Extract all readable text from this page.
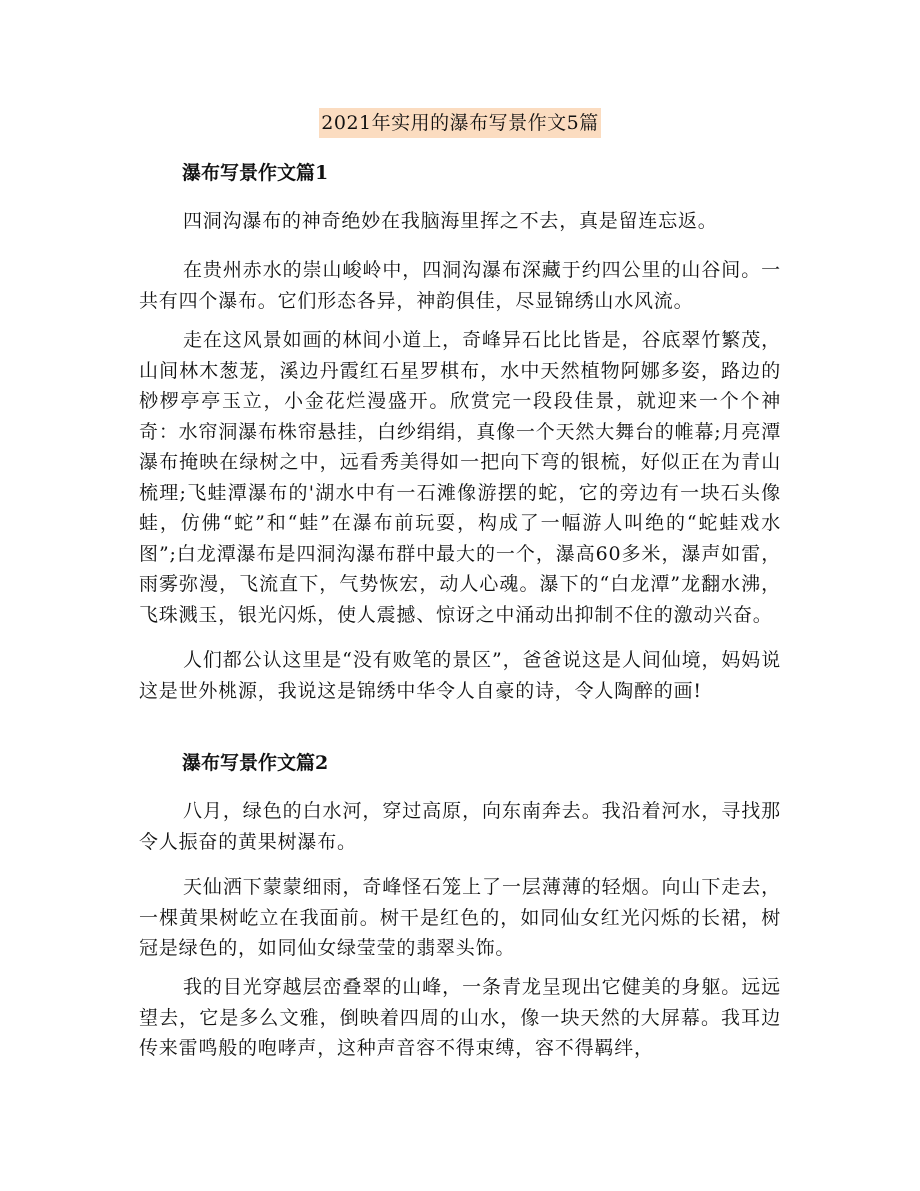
2021年实用的瀑布写景作文5篇
瀑布写景作文篇1

四洞沟瀑布的神奇绝妙在我脑海里挥之不去，真是留连忘返。

在贵州赤水的崇山峻岭中，四洞沟瀑布深藏于约四公里的山谷间。一共有四个瀑布。它们形态各异，神韵俱佳，尽显锦绣山水风流。

走在这风景如画的林间小道上，奇峰异石比比皆是，谷底翠竹繁茂，山间林木葱茏，溪边丹霞红石星罗棋布，水中天然植物阿娜多姿，路边的桫椤亭亭玉立，小金花烂漫盛开。欣赏完一段段佳景，就迎来一个个神奇：水帘洞瀑布株帘悬挂，白纱绢绢，真像一个天然大舞台的帷幕;月亮潭瀑布掩映在绿树之中，远看秀美得如一把向下弯的银梳，好似正在为青山梳理;飞蛙潭瀑布的'湖水中有一石滩像游摆的蛇，它的旁边有一块石头像蛙，仿佛“蛇”和“蛙”在瀑布前玩耍，构成了一幅游人叫绝的“蛇蛙戏水图”;白龙潭瀑布是四洞沟瀑布群中最大的一个，瀑高60多米，瀑声如雷，雨雾弥漫，飞流直下，气势恢宏，动人心魂。瀑下的“白龙潭”龙翻水沸，飞珠溅玉，银光闪烁，使人震撼、惊讶之中涌动出抑制不住的激动兴奋。

人们都公认这里是“没有败笔的景区”，爸爸说这是人间仙境，妈妈说这是世外桃源，我说这是锦绣中华令人自豪的诗，令人陶醉的画!

瀑布写景作文篇2

八月，绿色的白水河，穿过高原，向东南奔去。我沿着河水，寻找那令人振奋的黄果树瀑布。

天仙洒下蒙蒙细雨，奇峰怪石笼上了一层薄薄的轻烟。向山下走去，一棵黄果树屹立在我面前。树干是红色的，如同仙女红光闪烁的长裙，树冠是绿色的，如同仙女绿莹莹的翡翠头饰。

我的目光穿越层峦叠翠的山峰，一条青龙呈现出它健美的身躯。远远望去，它是多么文雅，倒映着四周的山水，像一块天然的大屏幕。我耳边传来雷鸣般的咆哮声，这种声音容不得束缚，容不得羁绊，
